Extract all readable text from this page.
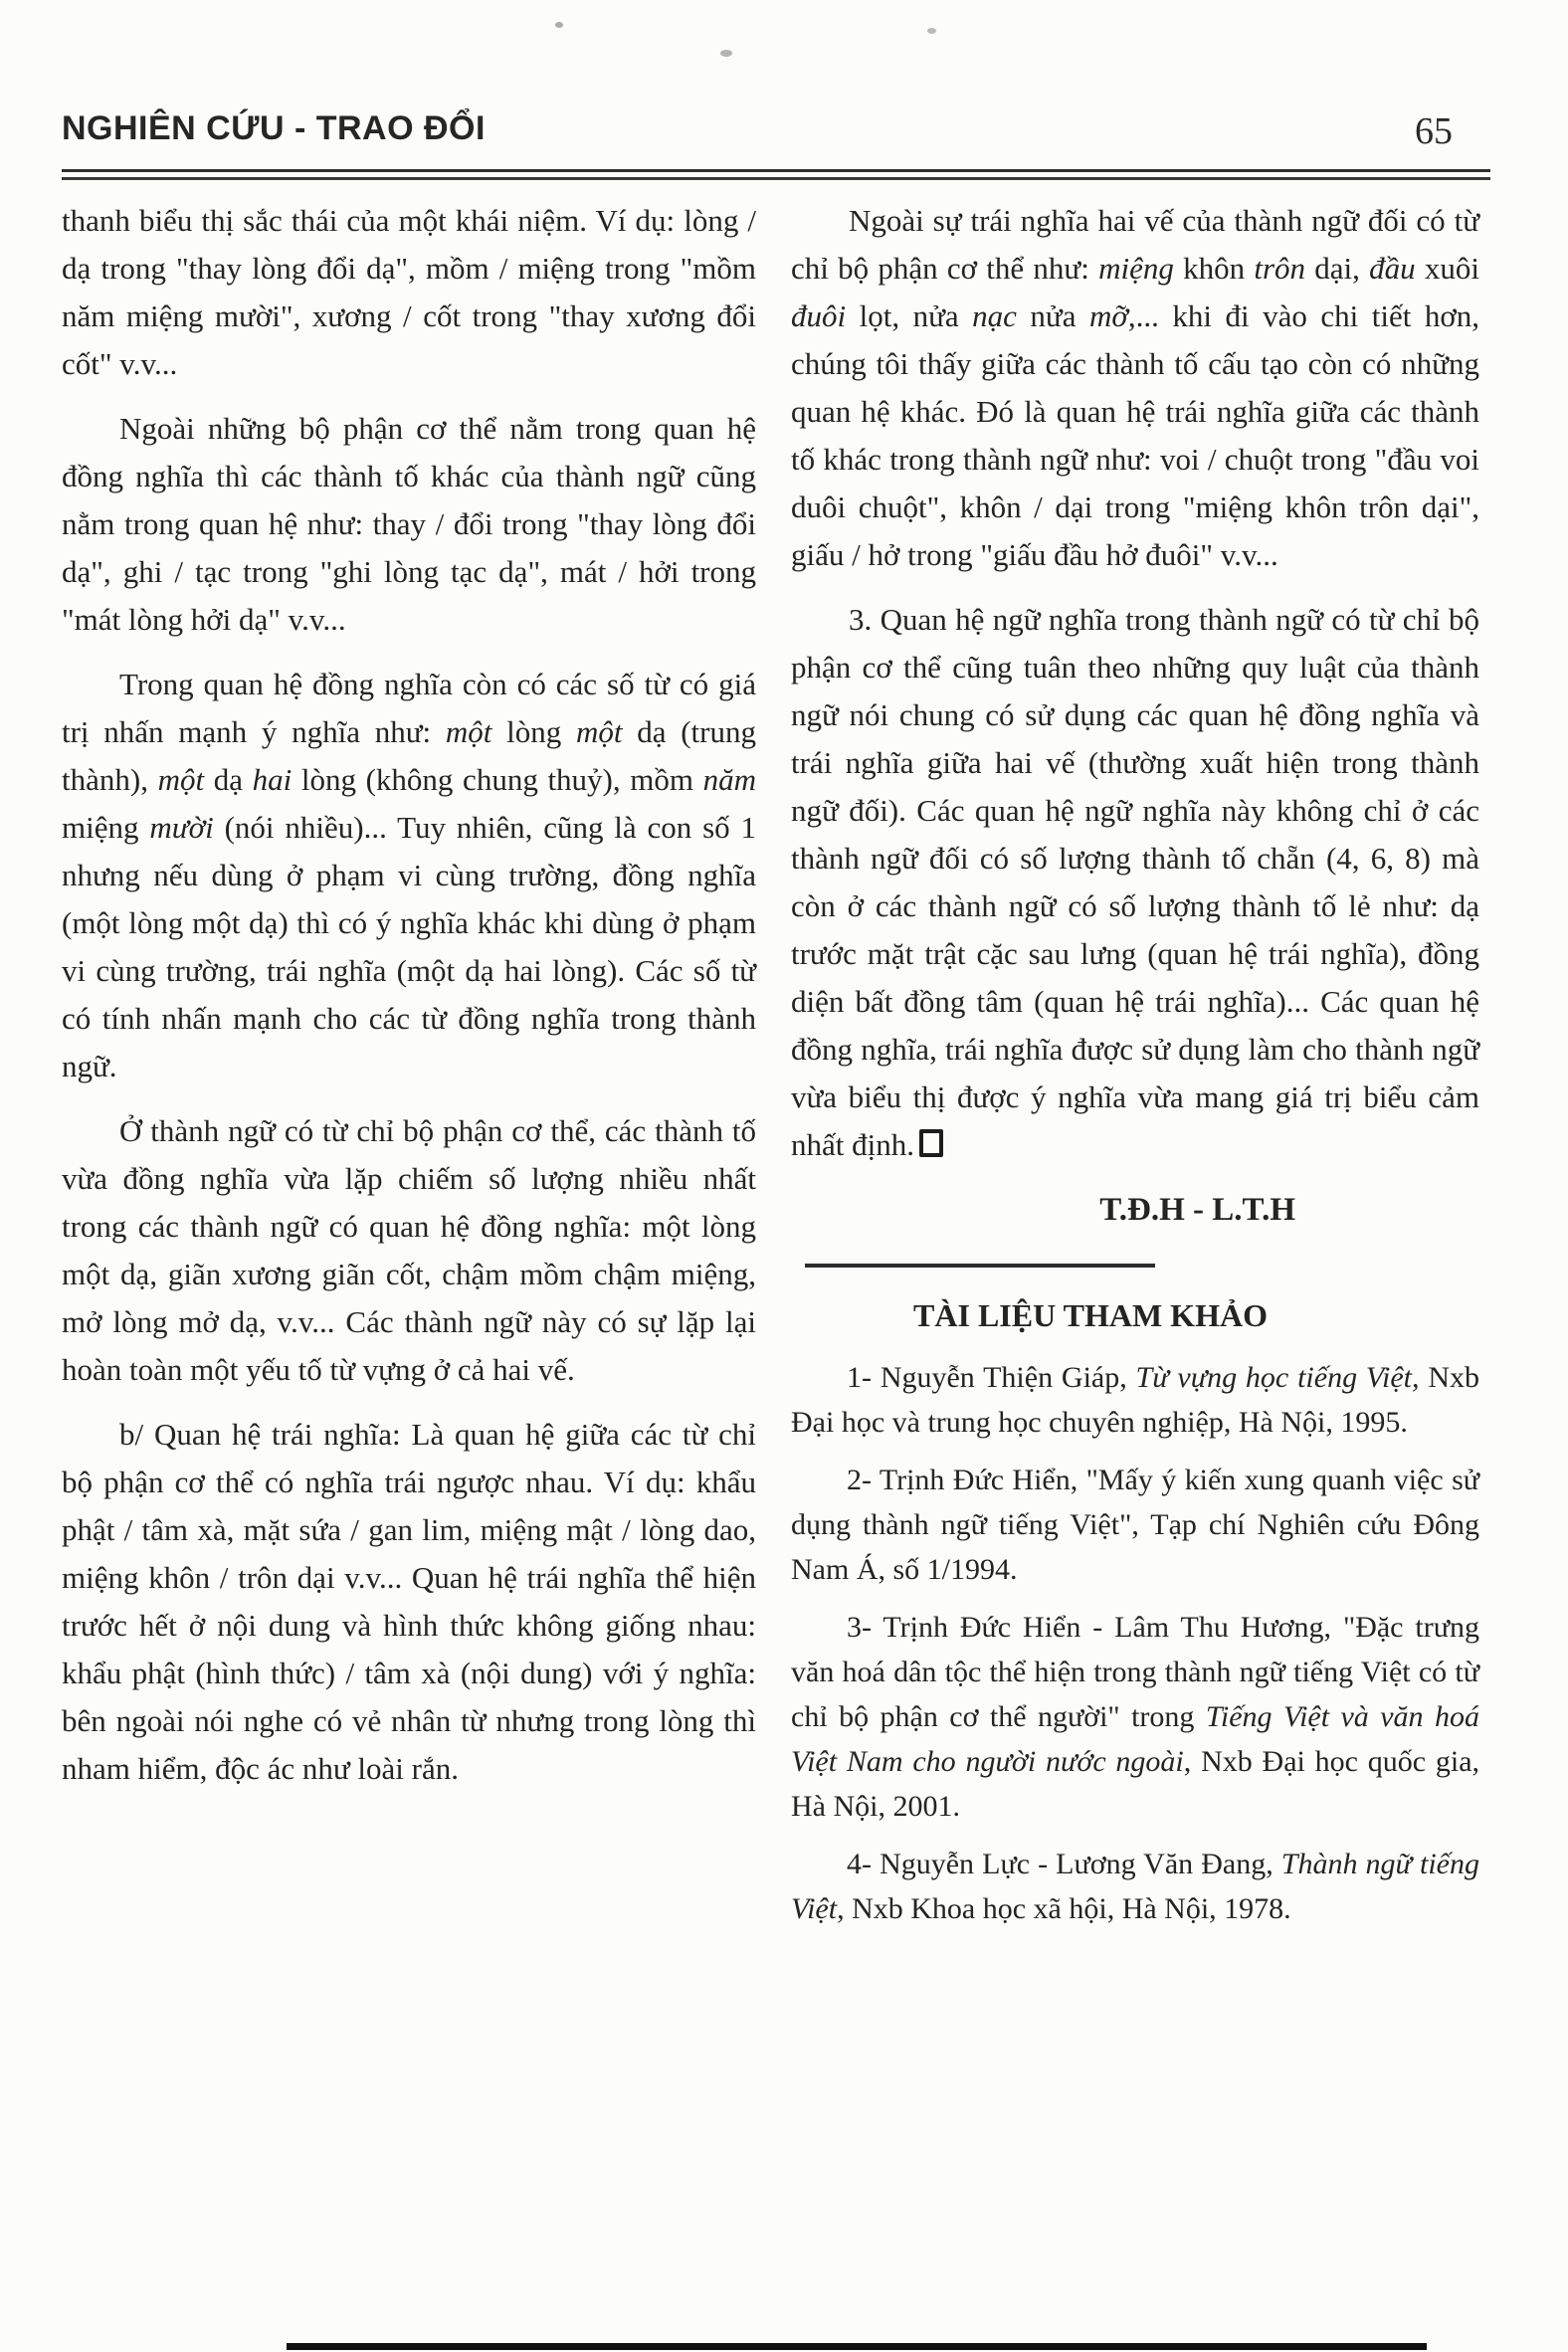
NGHIÊN CỨU - TRAO ĐỔI	65

thanh biểu thị sắc thái của một khái niệm. Ví dụ: lòng / dạ trong "thay lòng đổi dạ", mồm / miệng trong "mồm năm miệng mười", xương / cốt trong "thay xương đổi cốt" v.v...

Ngoài những bộ phận cơ thể nằm trong quan hệ đồng nghĩa thì các thành tố khác của thành ngữ cũng nằm trong quan hệ như: thay / đổi trong "thay lòng đổi dạ", ghi / tạc trong "ghi lòng tạc dạ", mát / hởi trong "mát lòng hởi dạ" v.v...

Trong quan hệ đồng nghĩa còn có các số từ có giá trị nhấn mạnh ý nghĩa như: một lòng một dạ (trung thành), một dạ hai lòng (không chung thuỷ), mồm năm miệng mười (nói nhiều)... Tuy nhiên, cũng là con số 1 nhưng nếu dùng ở phạm vi cùng trường, đồng nghĩa (một lòng một dạ) thì có ý nghĩa khác khi dùng ở phạm vi cùng trường, trái nghĩa (một dạ hai lòng). Các số từ có tính nhấn mạnh cho các từ đồng nghĩa trong thành ngữ.

Ở thành ngữ có từ chỉ bộ phận cơ thể, các thành tố vừa đồng nghĩa vừa lặp chiếm số lượng nhiều nhất trong các thành ngữ có quan hệ đồng nghĩa: một lòng một dạ, giãn xương giãn cốt, chậm mồm chậm miệng, mở lòng mở dạ, v.v... Các thành ngữ này có sự lặp lại hoàn toàn một yếu tố từ vựng ở cả hai vế.

b/ Quan hệ trái nghĩa: Là quan hệ giữa các từ chỉ bộ phận cơ thể có nghĩa trái ngược nhau. Ví dụ: khẩu phật / tâm xà, mặt sứa / gan lim, miệng mật / lòng dao, miệng khôn / trôn dại v.v... Quan hệ trái nghĩa thể hiện trước hết ở nội dung và hình thức không giống nhau: khẩu phật (hình thức) / tâm xà (nội dung) với ý nghĩa: bên ngoài nói nghe có vẻ nhân từ nhưng trong lòng thì nham hiểm, độc ác như loài rắn.

Ngoài sự trái nghĩa hai vế của thành ngữ đối có từ chỉ bộ phận cơ thể như: miệng khôn trôn dại, đầu xuôi đuôi lọt, nửa nạc nửa mỡ,... khi đi vào chi tiết hơn, chúng tôi thấy giữa các thành tố cấu tạo còn có những quan hệ khác. Đó là quan hệ trái nghĩa giữa các thành tố khác trong thành ngữ như: voi / chuột trong "đầu voi duôi chuột", khôn / dại trong "miệng khôn trôn dại", giấu / hở trong "giấu đầu hở đuôi" v.v...

3. Quan hệ ngữ nghĩa trong thành ngữ có từ chỉ bộ phận cơ thể cũng tuân theo những quy luật của thành ngữ nói chung có sử dụng các quan hệ đồng nghĩa và trái nghĩa giữa hai vế (thường xuất hiện trong thành ngữ đối). Các quan hệ ngữ nghĩa này không chỉ ở các thành ngữ đối có số lượng thành tố chẵn (4, 6, 8) mà còn ở các thành ngữ có số lượng thành tố lẻ như: dạ trước mặt trật cặc sau lưng (quan hệ trái nghĩa), đồng diện bất đồng tâm (quan hệ trái nghĩa)... Các quan hệ đồng nghĩa, trái nghĩa được sử dụng làm cho thành ngữ vừa biểu thị được ý nghĩa vừa mang giá trị biểu cảm nhất định.

T.Đ.H - L.T.H
TÀI LIỆU THAM KHẢO

1- Nguyễn Thiện Giáp, Từ vựng học tiếng Việt, Nxb Đại học và trung học chuyên nghiệp, Hà Nội, 1995.

2- Trịnh Đức Hiển, "Mấy ý kiến xung quanh việc sử dụng thành ngữ tiếng Việt", Tạp chí Nghiên cứu Đông Nam Á, số 1/1994.

3- Trịnh Đức Hiển - Lâm Thu Hương, "Đặc trưng văn hoá dân tộc thể hiện trong thành ngữ tiếng Việt có từ chỉ bộ phận cơ thể người" trong Tiếng Việt và văn hoá Việt Nam cho người nước ngoài, Nxb Đại học quốc gia, Hà Nội, 2001.

4- Nguyễn Lực - Lương Văn Đang, Thành ngữ tiếng Việt, Nxb Khoa học xã hội, Hà Nội, 1978.
